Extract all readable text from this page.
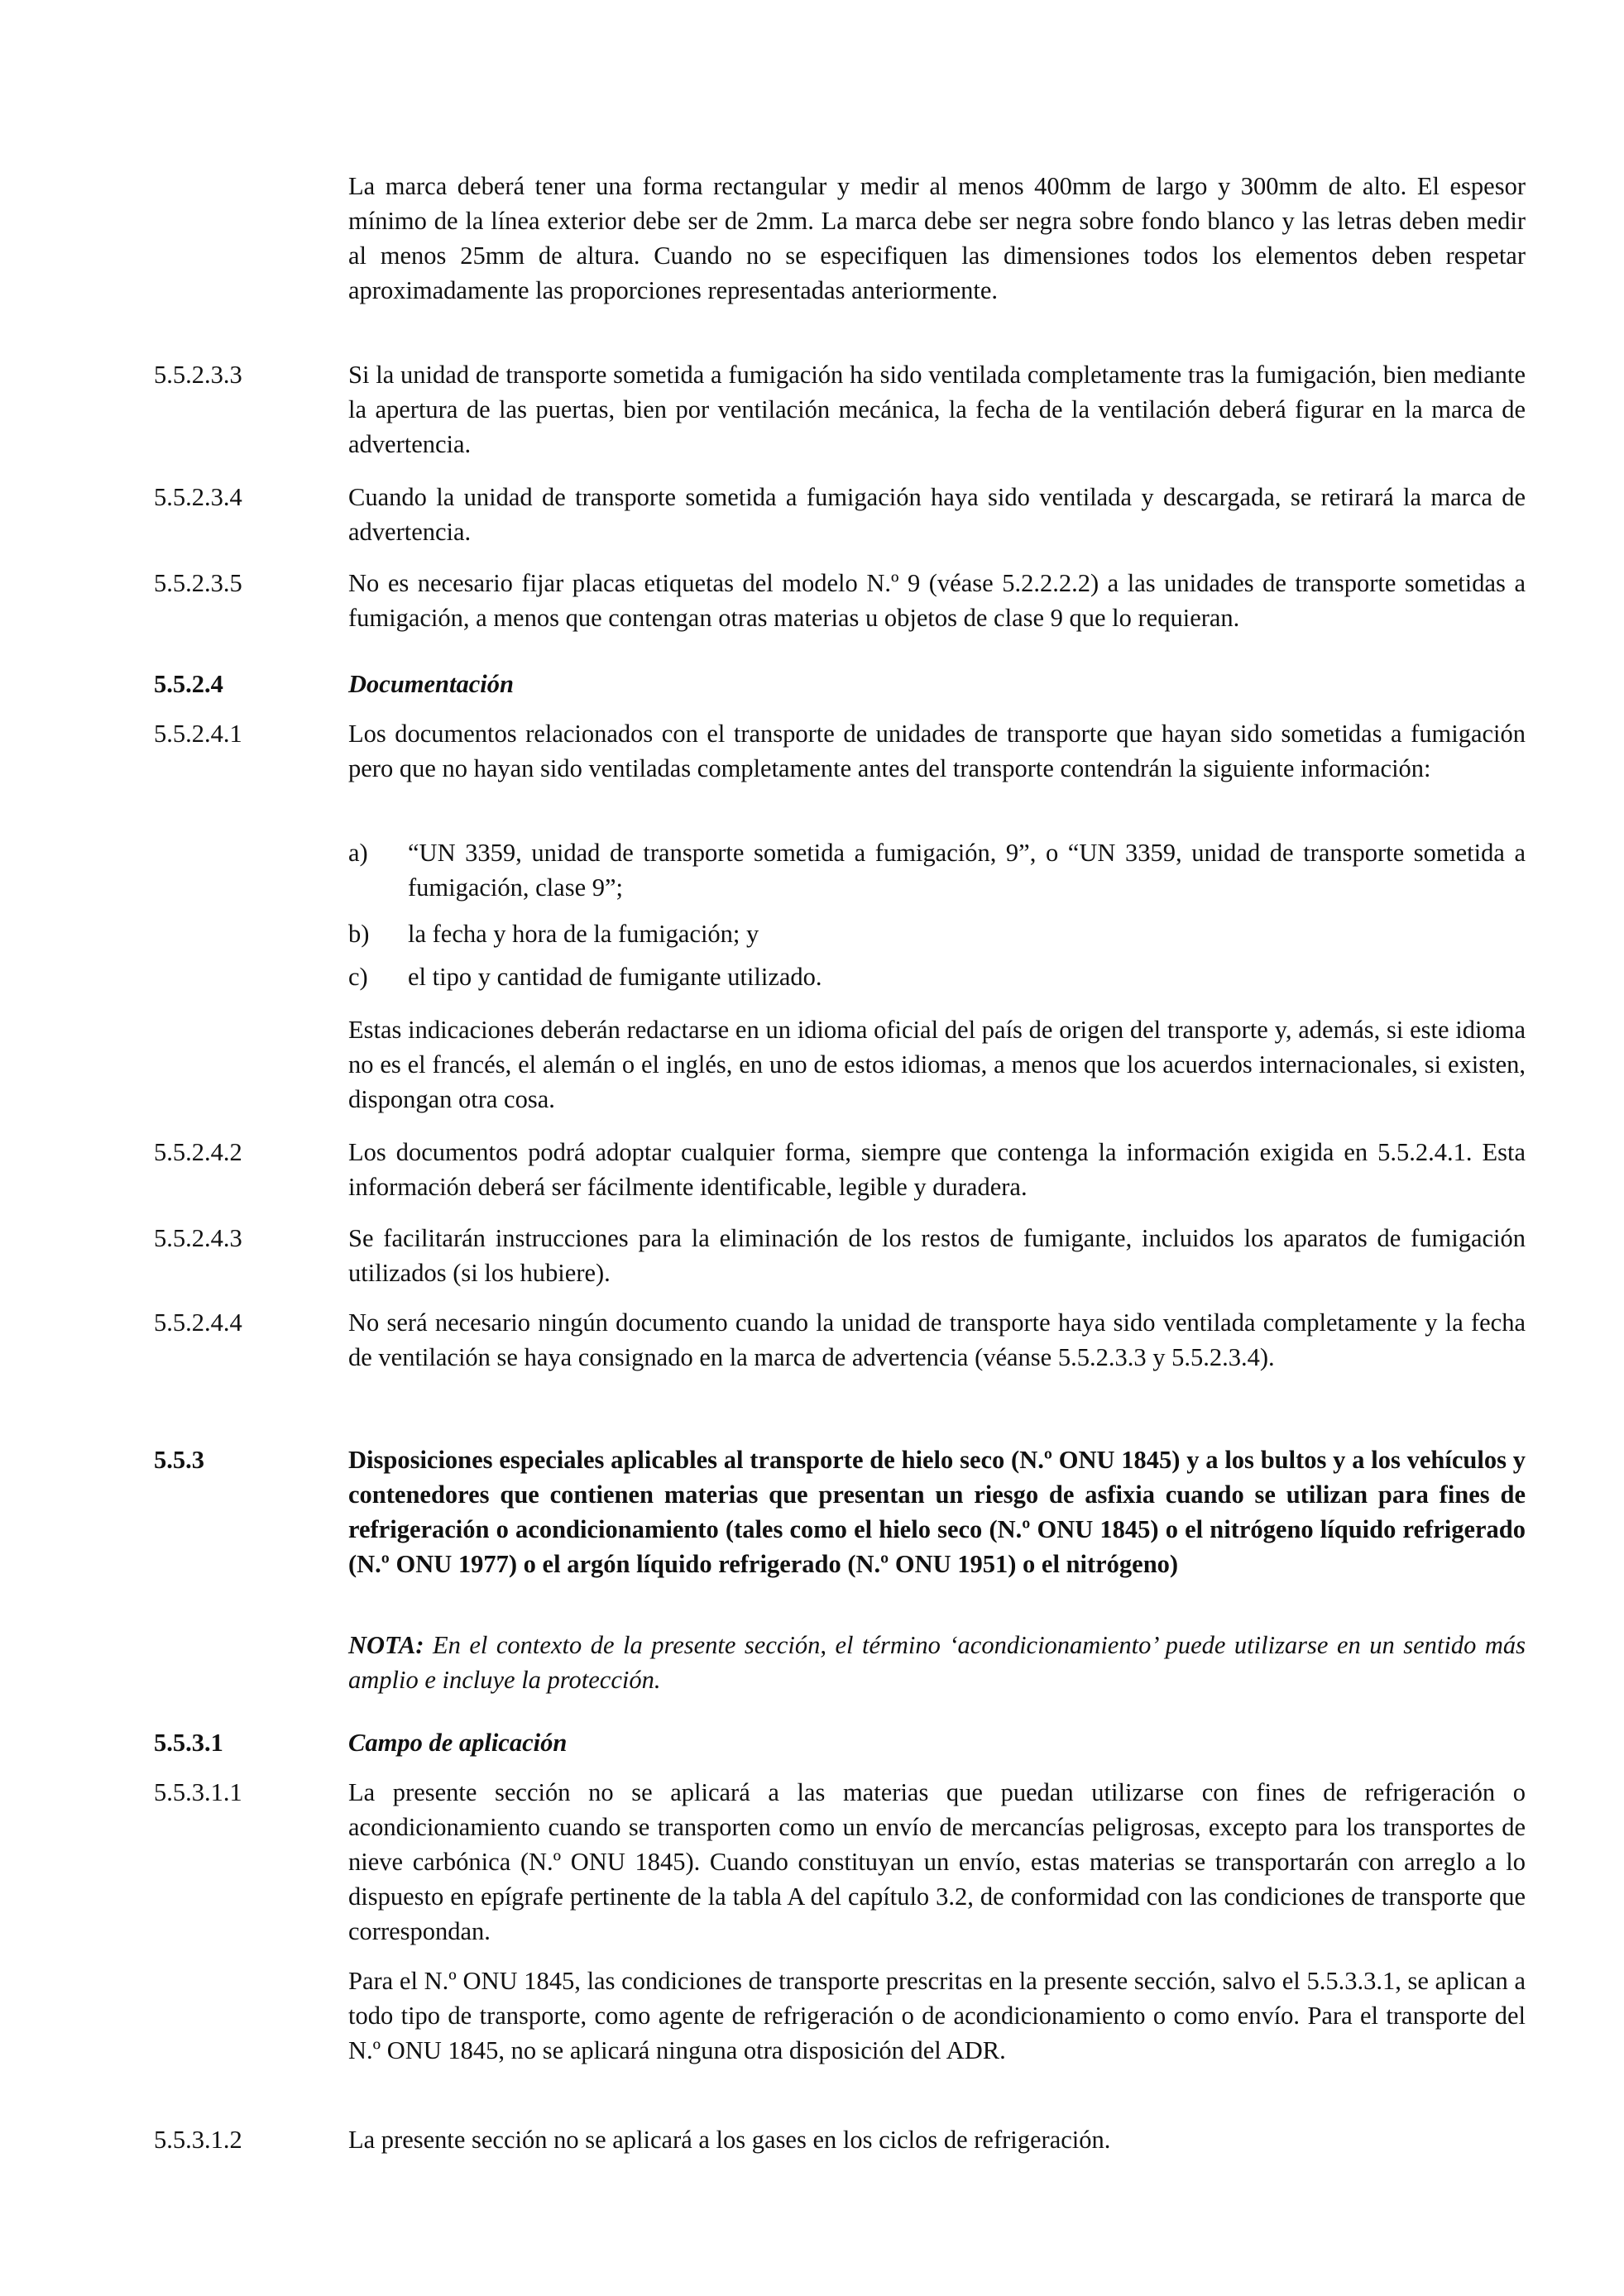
La marca deberá tener una forma rectangular y medir al menos 400mm de largo y 300mm de alto. El espesor mínimo de la línea exterior debe ser de 2mm. La marca debe ser negra sobre fondo blanco y las letras deben medir al menos 25mm de altura. Cuando no se especifiquen las dimensiones todos los elementos deben respetar aproximadamente las proporciones representadas anteriormente.
5.5.2.3.3	Si la unidad de transporte sometida a fumigación ha sido ventilada completamente tras la fumigación, bien mediante la apertura de las puertas, bien por ventilación mecánica, la fecha de la ventilación deberá figurar en la marca de advertencia.
5.5.2.3.4	Cuando la unidad de transporte sometida a fumigación haya sido ventilada y descargada, se retirará la marca de advertencia.
5.5.2.3.5	No es necesario fijar placas etiquetas del modelo N.º 9 (véase 5.2.2.2.2) a las unidades de transporte sometidas a fumigación, a menos que contengan otras materias u objetos de clase 9 que lo requieran.
5.5.2.4	Documentación
5.5.2.4.1	Los documentos relacionados con el transporte de unidades de transporte que hayan sido sometidas a fumigación pero que no hayan sido ventiladas completamente antes del transporte contendrán la siguiente información:
a) “UN 3359, unidad de transporte sometida a fumigación, 9”, o “UN 3359, unidad de transporte sometida a fumigación, clase 9”;
b) la fecha y hora de la fumigación; y
c) el tipo y cantidad de fumigante utilizado.
Estas indicaciones deberán redactarse en un idioma oficial del país de origen del transporte y, además, si este idioma no es el francés, el alemán o el inglés, en uno de estos idiomas, a menos que los acuerdos internacionales, si existen, dispongan otra cosa.
5.5.2.4.2	Los documentos podrá adoptar cualquier forma, siempre que contenga la información exigida en 5.5.2.4.1. Esta información deberá ser fácilmente identificable, legible y duradera.
5.5.2.4.3	Se facilitarán instrucciones para la eliminación de los restos de fumigante, incluidos los aparatos de fumigación utilizados (si los hubiere).
5.5.2.4.4	No será necesario ningún documento cuando la unidad de transporte haya sido ventilada completamente y la fecha de ventilación se haya consignado en la marca de advertencia (véanse 5.5.2.3.3 y 5.5.2.3.4).
5.5.3	Disposiciones especiales aplicables al transporte de hielo seco (N.º ONU 1845) y a los bultos y a los vehículos y contenedores que contienen materias que presentan un riesgo de asfixia cuando se utilizan para fines de refrigeración o acondicionamiento (tales como el hielo seco (N.º ONU 1845) o el nitrógeno líquido refrigerado (N.º ONU 1977) o el argón líquido refrigerado (N.º ONU 1951) o el nitrógeno)
NOTA: En el contexto de la presente sección, el término ‘acondicionamiento’ puede utilizarse en un sentido más amplio e incluye la protección.
5.5.3.1	Campo de aplicación
5.5.3.1.1	La presente sección no se aplicará a las materias que puedan utilizarse con fines de refrigeración o acondicionamiento cuando se transporten como un envío de mercancías peligrosas, excepto para los transportes de nieve carbónica (N.º ONU 1845). Cuando constituyan un envío, estas materias se transportarán con arreglo a lo dispuesto en epígrafe pertinente de la tabla A del capítulo 3.2, de conformidad con las condiciones de transporte que correspondan.
Para el N.º ONU 1845, las condiciones de transporte prescritas en la presente sección, salvo el 5.5.3.3.1, se aplican a todo tipo de transporte, como agente de refrigeración o de acondicionamiento o como envío. Para el transporte del N.º ONU 1845, no se aplicará ninguna otra disposición del ADR.
5.5.3.1.2	La presente sección no se aplicará a los gases en los ciclos de refrigeración.
